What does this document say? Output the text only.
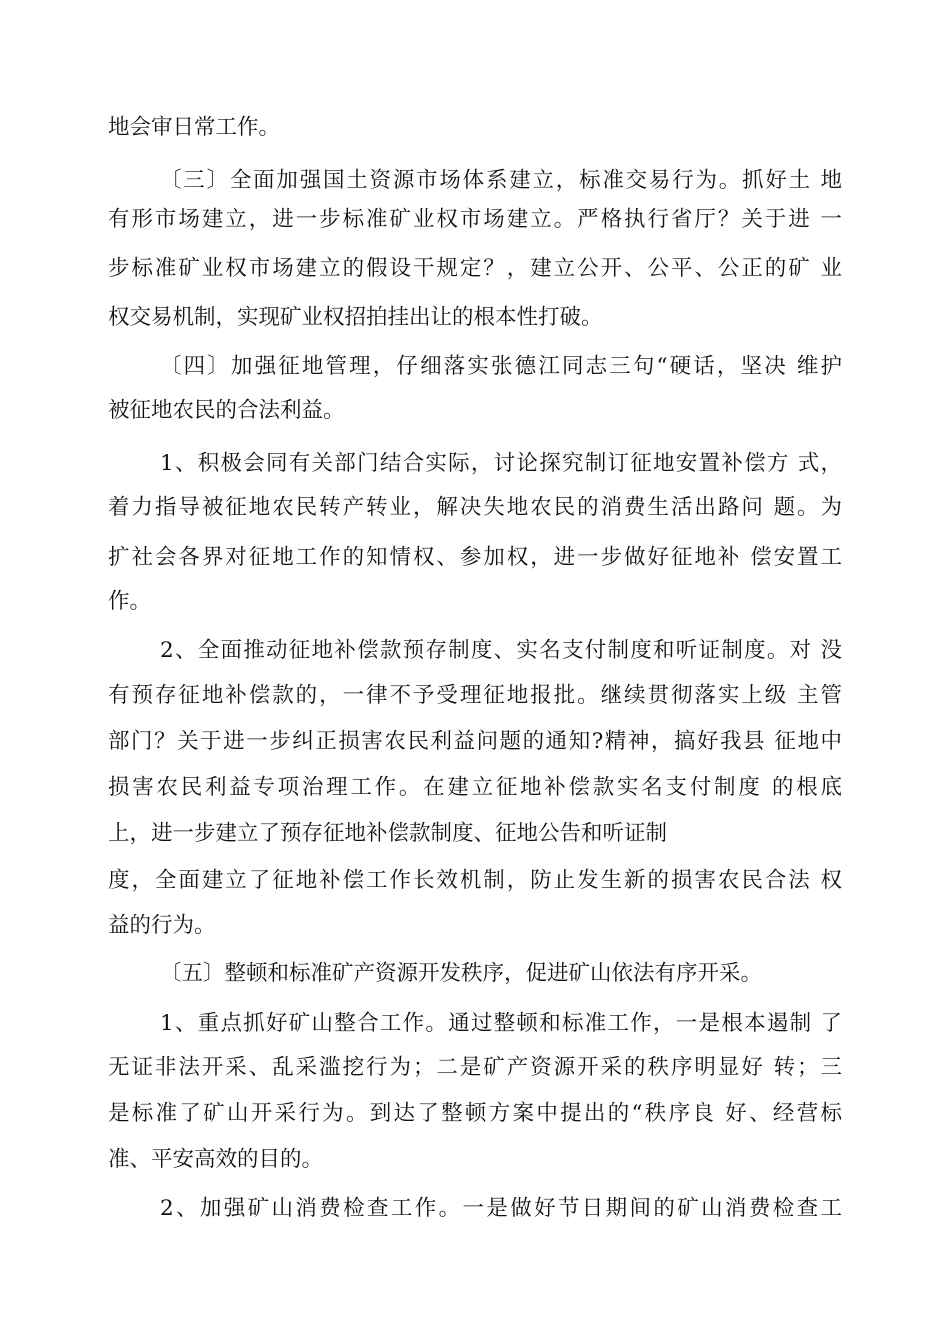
地会审日常工作。
〔三〕全面加强国土资源市场体系建立，标准交易行为。抓好土 地
有形市场建立，进一步标准矿业权市场建立。严格执行省厅？关于进 一
步标准矿业权市场建立的假设干规定？，建立公开、公平、公正的矿 业
权交易机制，实现矿业权招拍挂出让的根本性打破。
〔四〕加强征地管理，仔细落实张德江同志三句“硬话，坚决 维护
被征地农民的合法利益。
1、积极会同有关部门结合实际，讨论探究制订征地安置补偿方 式，
着力指导被征地农民转产转业，解决失地农民的消费生活出路问 题。为
扩社会各界对征地工作的知情权、参加权，进一步做好征地补 偿安置工
作。
2、全面推动征地补偿款预存制度、实名支付制度和听证制度。对 没
有预存征地补偿款的，一律不予受理征地报批。继续贯彻落实上级 主管
部门？关于进一步纠正损害农民利益问题的通知?精神，搞好我县 征地中
损害农民利益专项治理工作。在建立征地补偿款实名支付制度 的根底
上，进一步建立了预存征地补偿款制度、征地公告和听证制
度，全面建立了征地补偿工作长效机制，防止发生新的损害农民合法 权
益的行为。
〔五〕整顿和标准矿产资源开发秩序，促进矿山依法有序开采。
1、重点抓好矿山整合工作。通过整顿和标准工作，一是根本遏制 了
无证非法开采、乱采滥挖行为；二是矿产资源开采的秩序明显好 转；三
是标准了矿山开采行为。到达了整顿方案中提出的“秩序良 好、经营标
准、平安高效的目的。
2、加强矿山消费检查工作。一是做好节日期间的矿山消费检查工
